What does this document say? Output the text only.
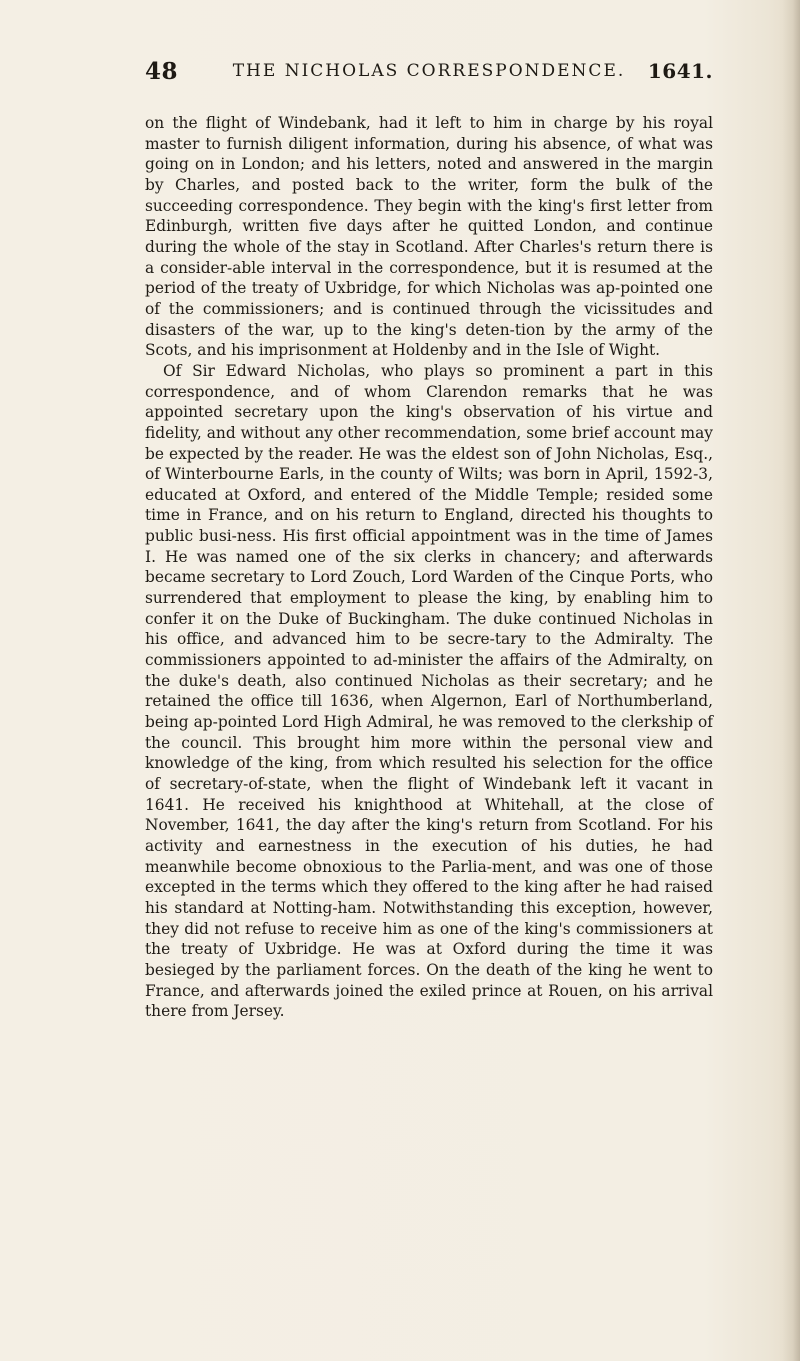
48	THE NICHOLAS CORRESPONDENCE.	1641.

on the flight of Windebank, had it left to him in charge by his royal master to furnish diligent information, during his absence, of what was going on in London; and his letters, noted and answered in the margin by Charles, and posted back to the writer, form the bulk of the succeeding correspondence. They begin with the king's first letter from Edinburgh, written five days after he quitted London, and continue during the whole of the stay in Scotland. After Charles's return there is a consider-able interval in the correspondence, but it is resumed at the period of the treaty of Uxbridge, for which Nicholas was ap-pointed one of the commissioners; and is continued through the vicissitudes and disasters of the war, up to the king's deten-tion by the army of the Scots, and his imprisonment at Holdenby and in the Isle of Wight.

Of Sir Edward Nicholas, who plays so prominent a part in this correspondence, and of whom Clarendon remarks that he was appointed secretary upon the king's observation of his virtue and fidelity, and without any other recommendation, some brief account may be expected by the reader. He was the eldest son of John Nicholas, Esq., of Winterbourne Earls, in the county of Wilts; was born in April, 1592-3, educated at Oxford, and entered of the Middle Temple; resided some time in France, and on his return to England, directed his thoughts to public busi-ness. His first official appointment was in the time of James I. He was named one of the six clerks in chancery; and afterwards became secretary to Lord Zouch, Lord Warden of the Cinque Ports, who surrendered that employment to please the king, by enabling him to confer it on the Duke of Buckingham. The duke continued Nicholas in his office, and advanced him to be secre-tary to the Admiralty. The commissioners appointed to ad-minister the affairs of the Admiralty, on the duke's death, also continued Nicholas as their secretary; and he retained the office till 1636, when Algernon, Earl of Northumberland, being ap-pointed Lord High Admiral, he was removed to the clerkship of the council. This brought him more within the personal view and knowledge of the king, from which resulted his selection for the office of secretary-of-state, when the flight of Windebank left it vacant in 1641. He received his knighthood at Whitehall, at the close of November, 1641, the day after the king's return from Scotland. For his activity and earnestness in the execution of his duties, he had meanwhile become obnoxious to the Parlia-ment, and was one of those excepted in the terms which they offered to the king after he had raised his standard at Notting-ham. Notwithstanding this exception, however, they did not refuse to receive him as one of the king's commissioners at the treaty of Uxbridge. He was at Oxford during the time it was besieged by the parliament forces. On the death of the king he went to France, and afterwards joined the exiled prince at Rouen, on his arrival there from Jersey.
